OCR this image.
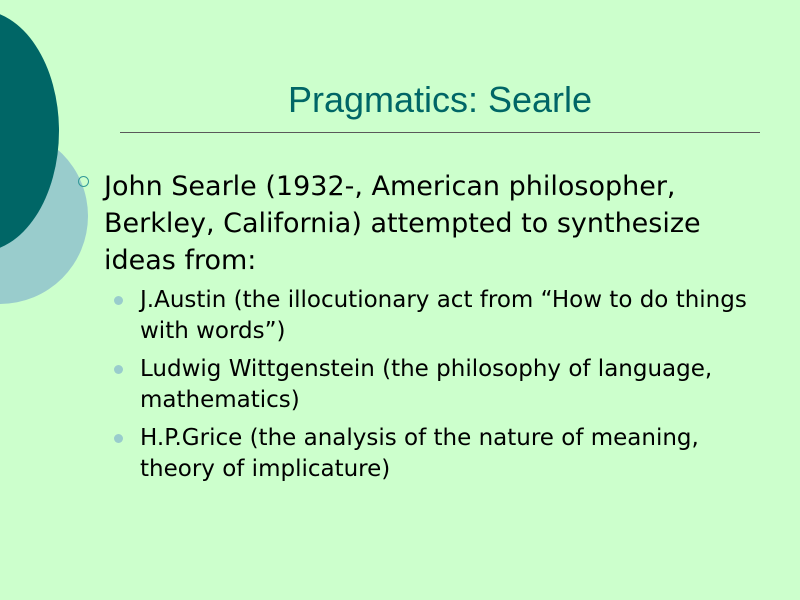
Pragmatics: Searle
John Searle (1932-, American philosopher, Berkley, California) attempted to synthesize ideas from:
J.Austin (the illocutionary act from “How to do things with words”)
Ludwig Wittgenstein (the philosophy of language, mathematics)
H.P.Grice (the analysis of the nature of meaning, theory of implicature)
